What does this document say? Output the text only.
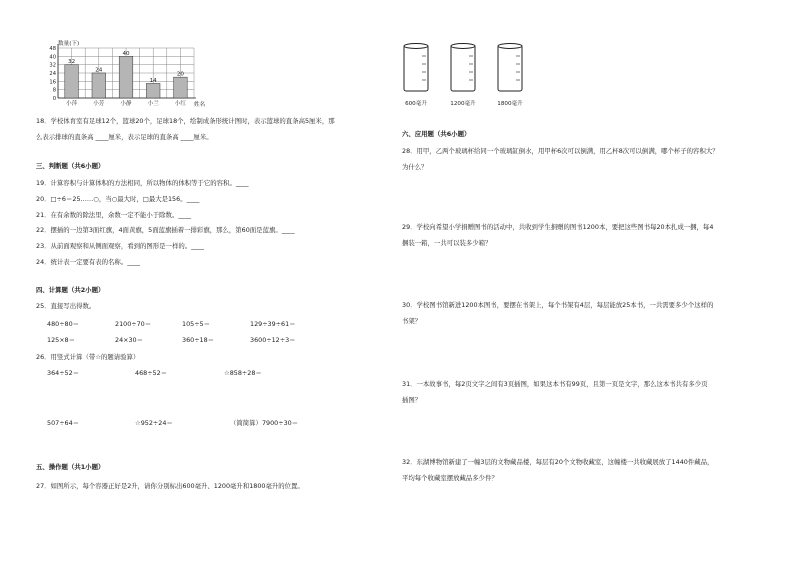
0
8
16
24
32
40
48
32
小萍
24
小芳
40
小静
14
小兰
20
小红
数量(下)
姓名
18．学校体育室有足球12个，篮球20个，足球18个，绘制成条形统计图时，表示篮球的直条高5厘米，那
么表示排球的直条高 ____厘米，表示足球的直条高 ____厘米。
三、判断题（共6小题）
19．计算容积与计算体积的方法相同，所以物体的体积等于它的容积。____
20．□÷6＝25……○，当○最大时，□最大是156。____
21．在有余数的除法里，余数一定不能小于除数。____
22．摆插的一边第3面红旗，4面黄旗，5面蓝旗插着一排彩旗，那么，第60面是蓝旗。____
23．从前面观察和从侧面观察，看到的图形是一样的。____
24．统计表一定要有表的名称。____
四、计算题（共2小题）
25．直接写出得数。
480÷80＝	2100÷70＝	105÷5＝	129÷39÷61＝
125×8＝	24×30＝	360÷18＝	3600÷12÷3＝
26．用竖式计算（带☆的题请验算）
364÷52＝	468÷52＝	☆858÷28＝
507÷64＝	☆952÷24＝	（简简算）7900÷30＝
五、操作题（共1小题）
27．如图所示，每个容器正好是2升，请你分别标出600毫升、1200毫升和1800毫升的位置。
600毫升	1200毫升	1800毫升
六、应用题（共6小题）
28．用甲，乙两个玻璃杯给同一个玻璃缸倒水，用甲杯6次可以倒满，用乙杯8次可以倒满，哪个杯子的容积大？
为什么？
29．学校向希望小学捐赠图书的活动中，共收到学生捐赠的图书1200本，要把这些图书每20本扎成一捆，每4
捆装一箱，一共可以装多少箱？
30．学校图书馆新进1200本图书，要摆在书架上，每个书架有4层，每层能放25本书，一共需要多少个这样的
书架？
31．一本故事书，每2页文字之间有3页插图，如果这本书有99页，且第一页是文字，那么这本书共有多少页
插图？
32．东湖博物馆新建了一幢3层的文物藏品楼，每层有20个文物收藏室，这幢楼一共收藏展放了1440件藏品，
平均每个收藏室摆放藏品多少件？
